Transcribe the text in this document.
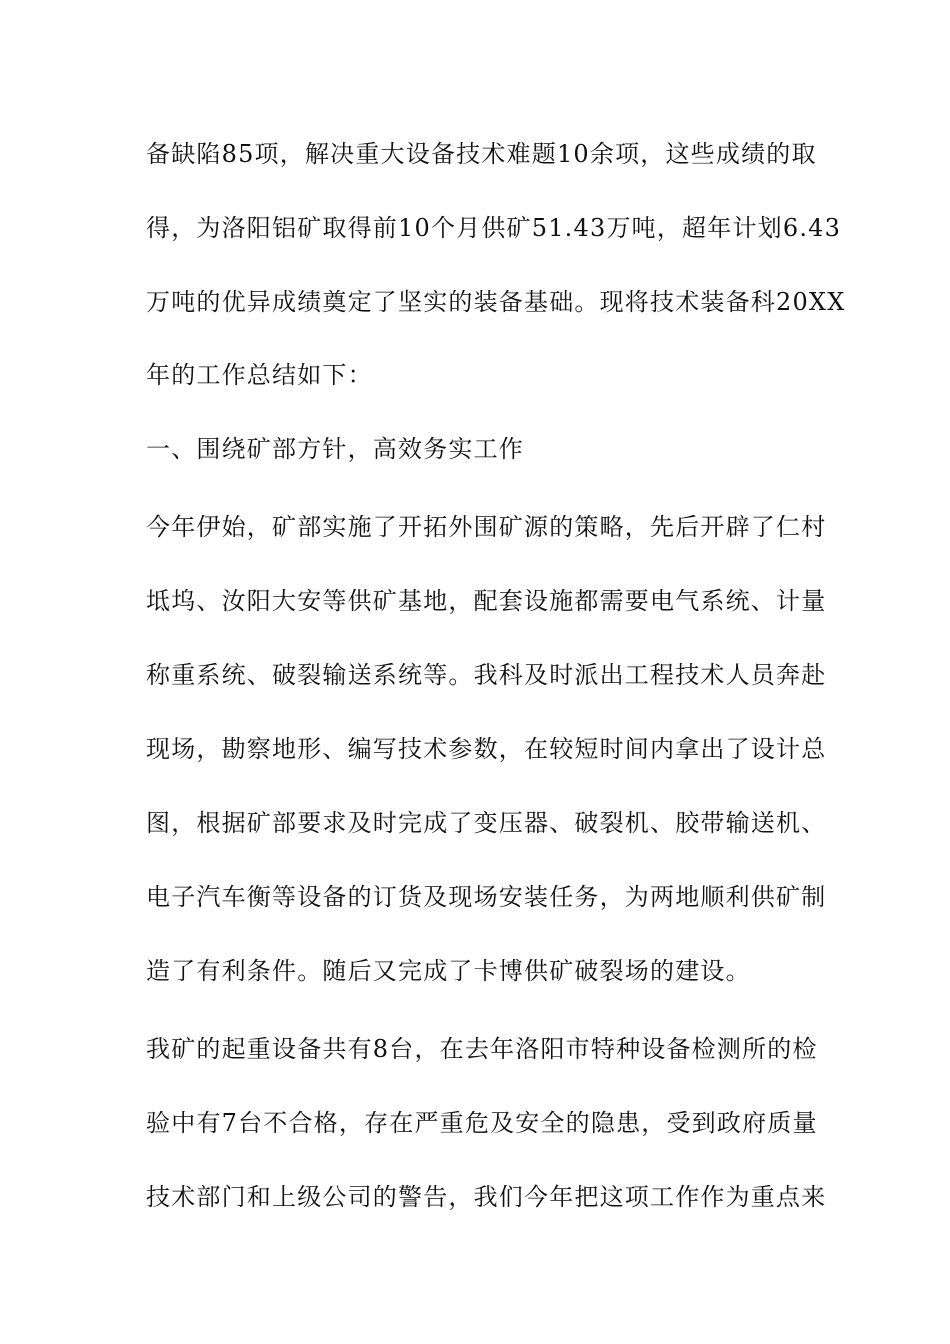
备缺陷85项，解决重大设备技术难题10余项，这些成绩的取
得，为洛阳铝矿取得前10个月供矿51.43万吨，超年计划6.43
万吨的优异成绩奠定了坚实的装备基础。现将技术装备科20XX
年的工作总结如下：
一、围绕矿部方针，高效务实工作
今年伊始，矿部实施了开拓外围矿源的策略，先后开辟了仁村
坻坞、汝阳大安等供矿基地，配套设施都需要电气系统、计量
称重系统、破裂输送系统等。我科及时派出工程技术人员奔赴
现场，勘察地形、编写技术参数，在较短时间内拿出了设计总
图，根据矿部要求及时完成了变压器、破裂机、胶带输送机、
电子汽车衡等设备的订货及现场安装任务，为两地顺利供矿制
造了有利条件。随后又完成了卡博供矿破裂场的建设。
我矿的起重设备共有8台，在去年洛阳市特种设备检测所的检
验中有7台不合格，存在严重危及安全的隐患，受到政府质量
技术部门和上级公司的警告，我们今年把这项工作作为重点来
